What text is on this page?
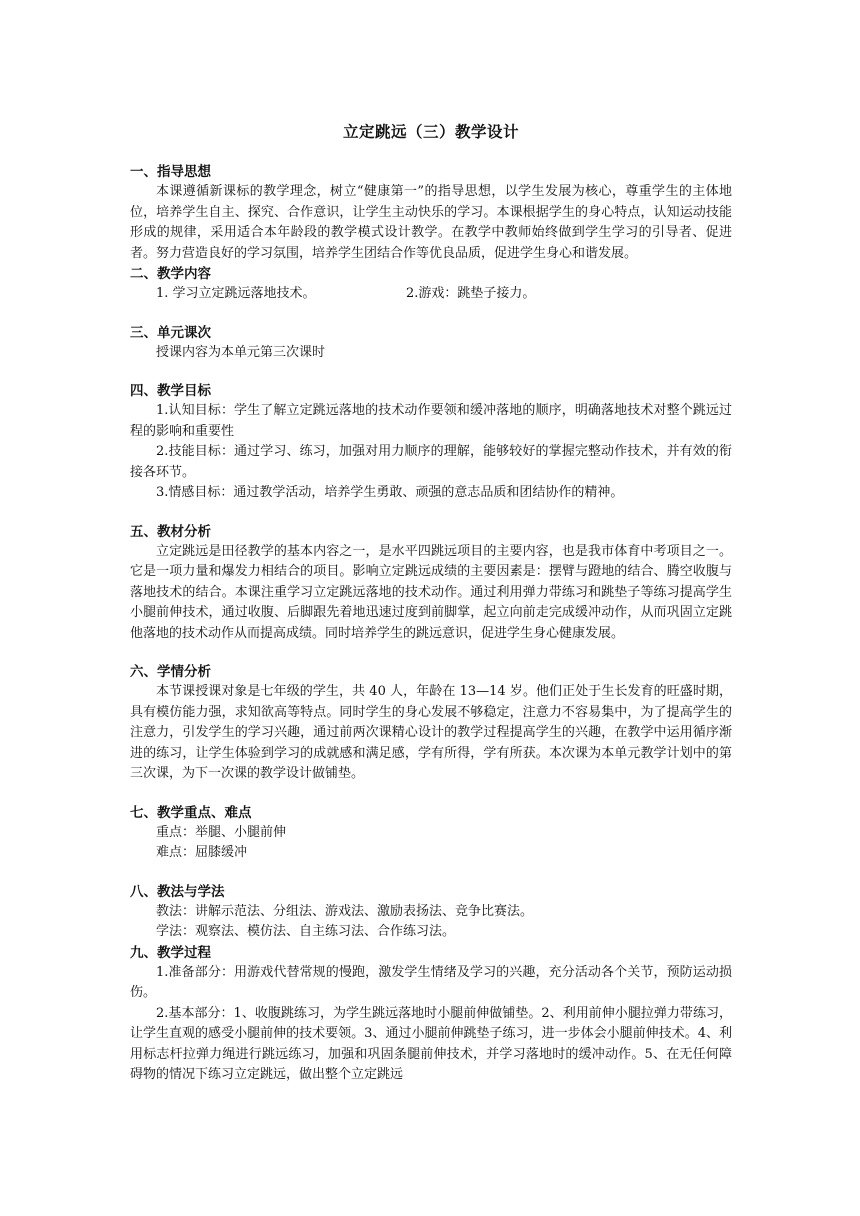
立定跳远（三）教学设计
一、指导思想

本课遵循新课标的教学理念，树立“健康第一”的指导思想，以学生发展为核心，尊重学生的主体地位，培养学生自主、探究、合作意识，让学生主动快乐的学习。本课根据学生的身心特点，认知运动技能形成的规律，采用适合本年龄段的教学模式设计教学。在教学中教师始终做到学生学习的引导者、促进者。努力营造良好的学习氛围，培养学生团结合作等优良品质，促进学生身心和谐发展。

二、教学内容
1. 学习立定跳远落地技术。	2.游戏：跳垫子接力。
三、单元课次

授课内容为本单元第三次课时

四、教学目标

1.认知目标：学生了解立定跳远落地的技术动作要领和缓冲落地的顺序，明确落地技术对整个跳远过程的影响和重要性

2.技能目标：通过学习、练习，加强对用力顺序的理解，能够较好的掌握完整动作技术，并有效的衔接各环节。

3.情感目标：通过教学活动，培养学生勇敢、顽强的意志品质和团结协作的精神。

五、教材分析

立定跳远是田径教学的基本内容之一，是水平四跳远项目的主要内容，也是我市体育中考项目之一。它是一项力量和爆发力相结合的项目。影响立定跳远成绩的主要因素是：摆臂与蹬地的结合、腾空收腹与落地技术的结合。本课注重学习立定跳远落地的技术动作。通过利用弹力带练习和跳垫子等练习提高学生小腿前伸技术，通过收腹、后脚跟先着地迅速过度到前脚掌，起立向前走完成缓冲动作，从而巩固立定跳他落地的技术动作从而提高成绩。同时培养学生的跳远意识，促进学生身心健康发展。

六、学情分析

本节课授课对象是七年级的学生，共 40 人，年龄在 13—14 岁。他们正处于生长发育的旺盛时期，具有模仿能力强，求知欲高等特点。同时学生的身心发展不够稳定，注意力不容易集中，为了提高学生的注意力，引发学生的学习兴趣，通过前两次课精心设计的教学过程提高学生的兴趣，在教学中运用循序渐进的练习，让学生体验到学习的成就感和满足感，学有所得，学有所获。本次课为本单元教学计划中的第三次课，为下一次课的教学设计做铺垫。

七、教学重点、难点

重点：举腿、小腿前伸

难点：屈膝缓冲

八、教法与学法

教法：讲解示范法、分组法、游戏法、激励表扬法、竞争比赛法。

学法：观察法、模仿法、自主练习法、合作练习法。

九、教学过程

1.准备部分：用游戏代替常规的慢跑，激发学生情绪及学习的兴趣，充分活动各个关节，预防运动损伤。

2.基本部分：1、收腹跳练习，为学生跳远落地时小腿前伸做铺垫。2、利用前伸小腿拉弹力带练习，让学生直观的感受小腿前伸的技术要领。3、通过小腿前伸跳垫子练习，进一步体会小腿前伸技术。4、利用标志杆拉弹力绳进行跳远练习，加强和巩固条腿前伸技术，并学习落地时的缓冲动作。5、在无任何障碍物的情况下练习立定跳远，做出整个立定跳远
